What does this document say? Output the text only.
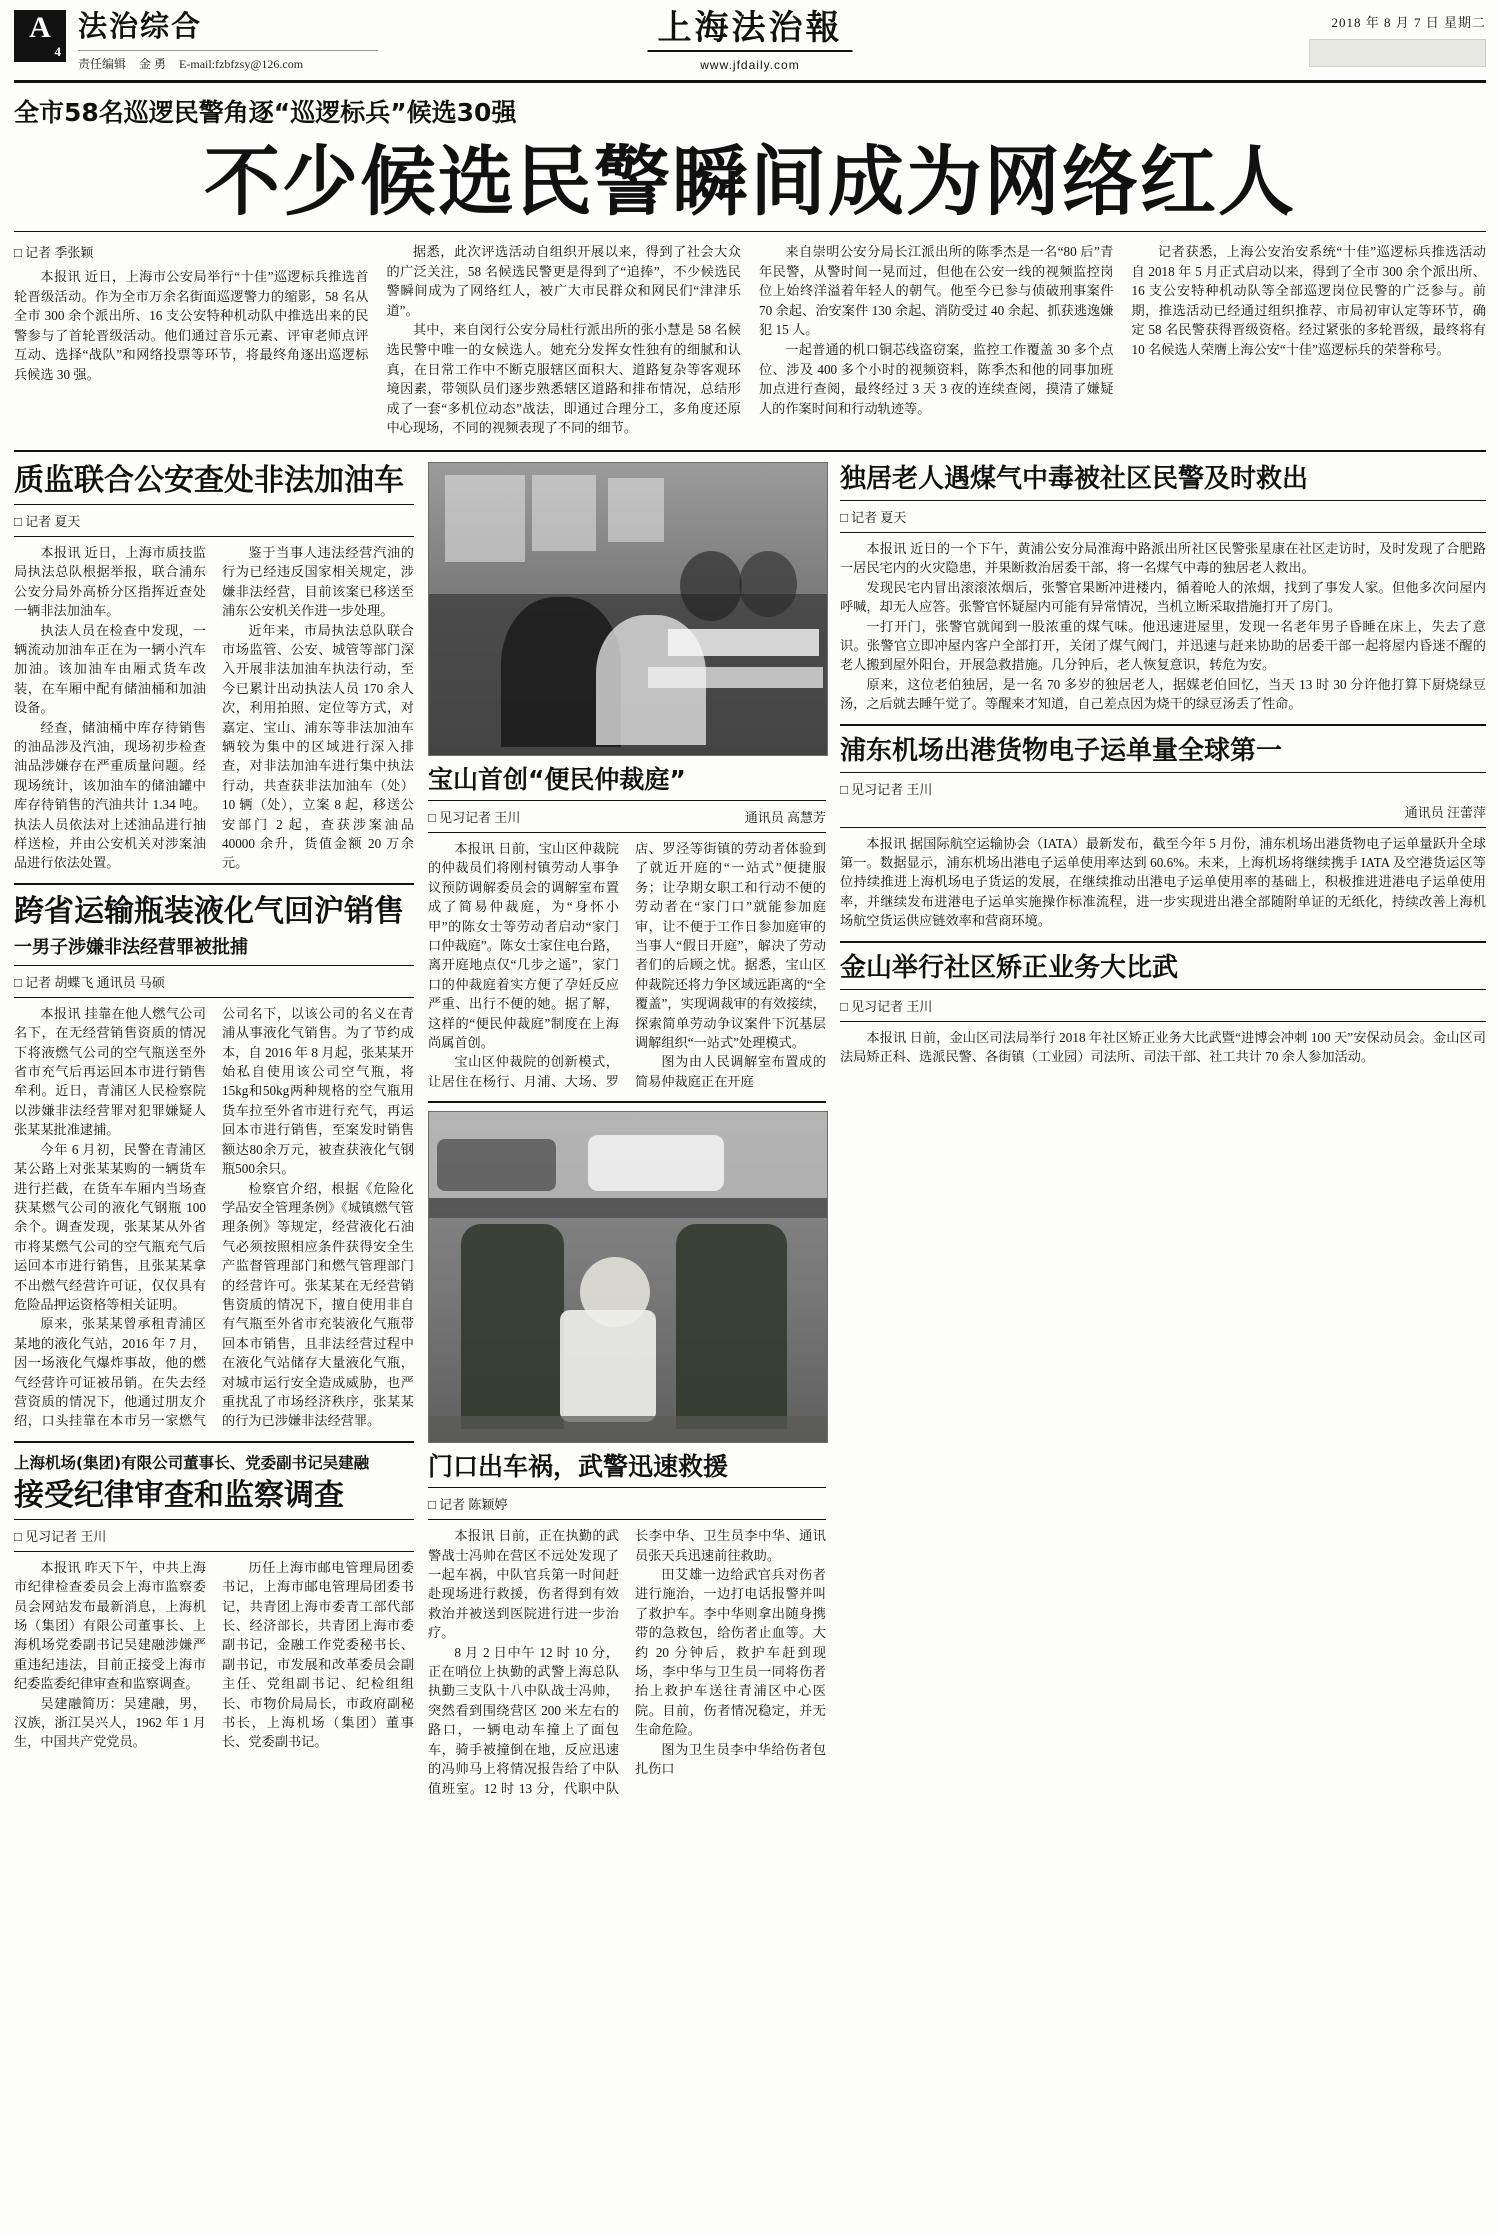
A
4
法治综合
责任编辑 金 勇 E-mail:fzbfzsy@126.com
上海法治報
www.jfdaily.com
2018 年 8 月 7 日 星期二
全市58名巡逻民警角逐“巡逻标兵”候选30强
不少候选民警瞬间成为网络红人
□ 记者 季张颖

本报讯 近日，上海市公安局举行“十佳”巡逻标兵推选首轮晋级活动。作为全市万余名街面巡逻警力的缩影，58 名从全市 300 余个派出所、16 支公安特种机动队中推选出来的民警参与了首轮晋级活动。他们通过音乐元素、评审老师点评互动、选择“战队”和网络投票等环节，将最终角逐出巡逻标兵候选 30 强。

据悉，此次评选活动自组织开展以来，得到了社会大众的广泛关注，58 名候选民警更是得到了“追捧”，不少候选民警瞬间成为了网络红人，被广大市民群众和网民们“津津乐道”。

其中，来自闵行公安分局杜行派出所的张小慧是 58 名候选民警中唯一的女候选人。她充分发挥女性独有的细腻和认真，在日常工作中不断克服辖区面积大、道路复杂等客观环境因素，带领队员们逐步熟悉辖区道路和排布情况，总结形成了一套“多机位动态”战法，即通过合理分工，多角度还原中心现场，不同的视频表现了不同的细节。

来自崇明公安分局长江派出所的陈季杰是一名“80 后”青年民警，从警时间一晃而过，但他在公安一线的视频监控岗位上始终洋溢着年轻人的朝气。他至今已参与侦破刑事案件 70 余起、治安案件 130 余起、消防受过 40 余起、抓获逃逸嫌犯 15 人。

一起普通的机口铜芯线盗窃案，监控工作覆盖 30 多个点位、涉及 400 多个小时的视频资料，陈季杰和他的同事加班加点进行查阅，最终经过 3 天 3 夜的连续查阅，摸清了嫌疑人的作案时间和行动轨迹等。

记者获悉，上海公安治安系统“十佳”巡逻标兵推选活动自 2018 年 5 月正式启动以来，得到了全市 300 余个派出所、16 支公安特种机动队等全部巡逻岗位民警的广泛参与。前期，推选活动已经通过组织推荐、市局初审认定等环节，确定 58 名民警获得晋级资格。经过紧张的多轮晋级，最终将有 10 名候选人荣膺上海公安“十佳”巡逻标兵的荣誉称号。

质监联合公安查处非法加油车
□ 记者 夏天

本报讯 近日，上海市质技监局执法总队根据举报，联合浦东公安分局外高桥分区指挥近查处一辆非法加油车。

执法人员在检查中发现，一辆流动加油车正在为一辆小汽车加油。该加油车由厢式货车改装，在车厢中配有储油桶和加油设备。

经查，储油桶中库存待销售的油品涉及汽油，现场初步检查油品涉嫌存在严重质量问题。经现场统计，该加油车的储油罐中库存待销售的汽油共计 1.34 吨。执法人员依法对上述油品进行抽样送检，并由公安机关对涉案油品进行依法处置。

鉴于当事人违法经营汽油的行为已经违反国家相关规定，涉嫌非法经营，目前该案已移送至浦东公安机关作进一步处理。

近年来，市局执法总队联合市场监管、公安、城管等部门深入开展非法加油车执法行动，至今已累计出动执法人员 170 余人次，利用拍照、定位等方式，对嘉定、宝山、浦东等非法加油车辆较为集中的区域进行深入排查，对非法加油车进行集中执法行动，共查获非法加油车（处）10 辆（处），立案 8 起，移送公安部门 2 起，查获涉案油品 40000 余升，货值金额 20 万余元。

跨省运输瓶装液化气回沪销售
一男子涉嫌非法经营罪被批捕
□ 记者 胡蝶飞 通讯员 马硕

本报讯 挂靠在他人燃气公司名下，在无经营销售资质的情况下将液燃气公司的空气瓶送至外省市充气后再运回本市进行销售牟利。近日，青浦区人民检察院以涉嫌非法经营罪对犯罪嫌疑人张某某批准逮捕。

今年 6 月初，民警在青浦区某公路上对张某某购的一辆货车进行拦截，在货车车厢内当场查获某燃气公司的液化气钢瓶 100 余个。调查发现，张某某从外省市将某燃气公司的空气瓶充气后运回本市进行销售，且张某某拿不出燃气经营许可证，仅仅具有危险品押运资格等相关证明。

原来，张某某曾承租青浦区某地的液化气站，2016 年 7 月，因一场液化气爆炸事故，他的燃气经营许可证被吊销。在失去经营资质的情况下，他通过朋友介绍，口头挂靠在本市另一家燃气公司名下，以该公司的名义在青浦从事液化气销售。为了节约成本，自 2016 年 8 月起，张某某开始私自使用该公司空气瓶，将 15kg和50kg两种规格的空气瓶用货车拉至外省市进行充气，再运回本市进行销售，至案发时销售额达80余万元，被查获液化气钢瓶500余只。

检察官介绍，根据《危险化学品安全管理条例》《城镇燃气管理条例》等规定，经营液化石油气必须按照相应条件获得安全生产监督管理部门和燃气管理部门的经营许可。张某某在无经营销售资质的情况下，擅自使用非自有气瓶至外省市充装液化气瓶带回本市销售，且非法经营过程中在液化气站储存大量液化气瓶，对城市运行安全造成威胁，也严重扰乱了市场经济秩序，张某某的行为已涉嫌非法经营罪。

上海机场(集团)有限公司董事长、党委副书记吴建融
接受纪律审查和监察调查
□ 见习记者 王川

本报讯 昨天下午，中共上海市纪律检查委员会上海市监察委员会网站发布最新消息，上海机场（集团）有限公司董事长、上海机场党委副书记吴建融涉嫌严重违纪违法，目前正接受上海市纪委监委纪律审查和监察调查。

吴建融简历：吴建融，男，汉族，浙江吴兴人，1962 年 1 月生，中国共产党党员。

历任上海市邮电管理局团委书记，上海市邮电管理局团委书记，共青团上海市委青工部代部长、经济部长，共青团上海市委副书记，金融工作党委秘书长、副书记，市发展和改革委员会副主任、党组副书记、纪检组组长、市物价局局长，市政府副秘书长，上海机场（集团）董事长、党委副书记。

宝山首创“便民仲裁庭”
□ 见习记者 王川	通讯员 高慧芳

本报讯 日前，宝山区仲裁院的仲裁员们将刚村镇劳动人事争议预防调解委员会的调解室布置成了简易仲裁庭，为“身怀小甲”的陈女士等劳动者启动“家门口仲裁庭”。陈女士家住电台路，离开庭地点仅“几步之遥”，家门口的仲裁庭着实方便了孕妊反应严重、出行不便的她。据了解，这样的“便民仲裁庭”制度在上海尚属首创。

宝山区仲裁院的创新模式，让居住在杨行、月浦、大场、罗店、罗泾等街镇的劳动者体验到了就近开庭的“一站式”便捷服务；让孕期女职工和行动不便的劳动者在“家门口”就能参加庭审，让不便于工作日参加庭审的当事人“假日开庭”，解决了劳动者们的后顾之忧。据悉，宝山区仲裁院还将力争区域远距离的“全覆盖”，实现调裁审的有效接续，探索简单劳动争议案件下沉基层调解组织“一站式”处理模式。

图为由人民调解室布置成的简易仲裁庭正在开庭

门口出车祸，武警迅速救援
□ 记者 陈颖婷

本报讯 日前，正在执勤的武警战士冯帅在营区不远处发现了一起车祸，中队官兵第一时间赶赴现场进行救援，伤者得到有效救治并被送到医院进行进一步治疗。

8 月 2 日中午 12 时 10 分，正在哨位上执勤的武警上海总队执勤三支队十八中队战士冯帅，突然看到围绕营区 200 米左右的路口，一辆电动车撞上了面包车，骑手被撞倒在地，反应迅速的冯帅马上将情况报告给了中队值班室。12 时 13 分，代职中队长李中华、卫生员李中华、通讯员张天兵迅速前往救助。

田艾雄一边给武官兵对伤者进行施治，一边打电话报警并叫了救护车。李中华则拿出随身携带的急救包，给伤者止血等。大约 20 分钟后，救护车赶到现场，李中华与卫生员一同将伤者抬上救护车送往青浦区中心医院。目前，伤者情况稳定，并无生命危险。

图为卫生员李中华给伤者包扎伤口

独居老人遇煤气中毒被社区民警及时救出
□ 记者 夏天

本报讯 近日的一个下午，黄浦公安分局淮海中路派出所社区民警张星康在社区走访时，及时发现了合肥路一居民宅内的火灾隐患，并果断救治居委干部，将一名煤气中毒的独居老人救出。

发现民宅内冒出滚滚浓烟后，张警官果断冲进楼内，循着呛人的浓烟，找到了事发人家。但他多次问屋内呼喊，却无人应答。张警官怀疑屋内可能有异常情况，当机立断采取措施打开了房门。

一打开门，张警官就闻到一股浓重的煤气味。他迅速进屋里，发现一名老年男子昏睡在床上，失去了意识。张警官立即冲屋内客户全部打开，关闭了煤气阀门，并迅速与赶来协助的居委干部一起将屋内昏迷不醒的老人搬到屋外阳台，开展急救措施。几分钟后，老人恢复意识，转危为安。

原来，这位老伯独居，是一名 70 多岁的独居老人，据媒老伯回忆，当天 13 时 30 分许他打算下厨烧绿豆汤，之后就去睡午觉了。等醒来才知道，自己差点因为烧干的绿豆汤丢了性命。

浦东机场出港货物电子运单量全球第一
□ 见习记者 王川
通讯员 汪蕾萍

本报讯 据国际航空运输协会（IATA）最新发布，截至今年 5 月份，浦东机场出港货物电子运单量跃升全球第一。数据显示，浦东机场出港电子运单使用率达到 60.6%。未来，上海机场将继续携手 IATA 及空港货运区等位持续推进上海机场电子货运的发展，在继续推动出港电子运单使用率的基础上，积极推进进港电子运单使用率，并继续发布进港电子运单实施操作标准流程，进一步实现进出港全部随附单证的无纸化，持续改善上海机场航空货运供应链效率和营商环境。

金山举行社区矫正业务大比武
□ 见习记者 王川

本报讯 日前，金山区司法局举行 2018 年社区矫正业务大比武暨“进博会冲刺 100 天”安保动员会。金山区司法局矫正科、选派民警、各街镇（工业园）司法所、司法干部、社工共计 70 余人参加活动。
